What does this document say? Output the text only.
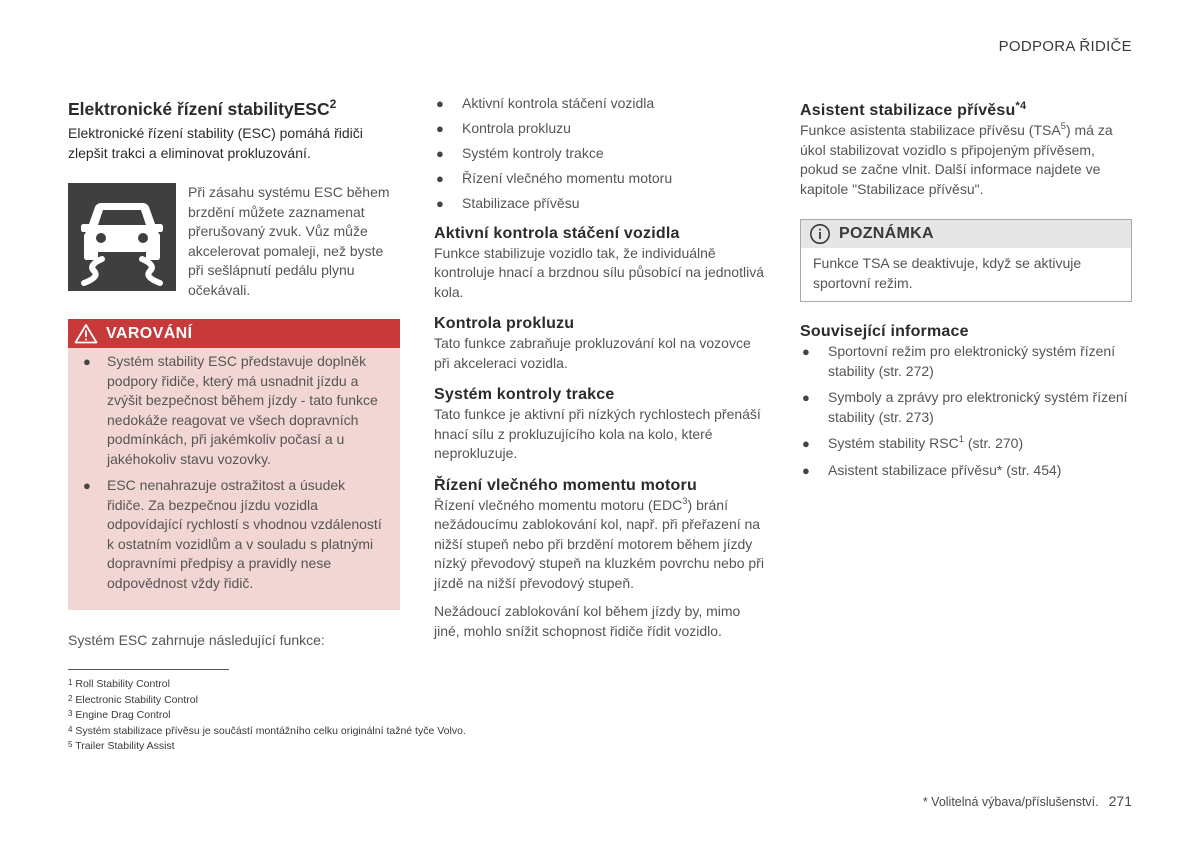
PODPORA ŘIDIČE
Elektronické řízení stabilityESC$^2$

Elektronické řízení stability (ESC) pomáhá řidiči zlepšit trakci a eliminovat prokluzování.

Při zásahu systému ESC během brzdění můžete zaznamenat přerušovaný zvuk. Vůz může akcelerovat pomaleji, než byste při sešlápnutí pedálu plynu očekávali.

VAROVÁNÍ
● Systém stability ESC představuje doplněk podpory řidiče, který má usnadnit jízdu a zvýšit bezpečnost během jízdy - tato funkce nedokáže reagovat ve všech dopravních podmínkách, při jakémkoliv počasí a u jakéhokoliv stavu vozovky.
● ESC nenahrazuje ostražitost a úsudek řidiče. Za bezpečnou jízdu vozidla odpovídající rychlostí s vhodnou vzdáleností k ostatním vozidlům a v souladu s platnými dopravními předpisy a pravidly nese odpovědnost vždy řidič.

Systém ESC zahrnuje následující funkce:

● Aktivní kontrola stáčení vozidla
● Kontrola prokluzu
● Systém kontroly trakce
● Řízení vlečného momentu motoru
● Stabilizace přívěsu
Aktivní kontrola stáčení vozidla

Funkce stabilizuje vozidlo tak, že individuálně kontroluje hnací a brzdnou sílu působící na jednotlivá kola.

Kontrola prokluzu

Tato funkce zabraňuje prokluzování kol na vozovce při akceleraci vozidla.

Systém kontroly trakce

Tato funkce je aktivní při nízkých rychlostech přenáší hnací sílu z prokluzujícího kola na kolo, které neprokluzuje.

Řízení vlečného momentu motoru

Řízení vlečného momentu motoru (EDC$^3$) brání nežádoucímu zablokování kol, např. při přeřazení na nižší stupeň nebo při brzdění motorem během jízdy nízký převodový stupeň na kluzkém povrchu nebo při jízdě na nižší převodový stupeň.

Nežádoucí zablokování kol během jízdy by, mimo jiné, mohlo snížit schopnost řidiče řídit vozidlo.

Asistent stabilizace přívěsu$^{*4}$

Funkce asistenta stabilizace přívěsu (TSA$^5$) má za úkol stabilizovat vozidlo s připojeným přívěsem, pokud se začne vlnit. Další informace najdete ve kapitole "Stabilizace přívěsu".

POZNÁMKA

Funkce TSA se deaktivuje, když se aktivuje sportovní režim.

Související informace
● Sportovní režim pro elektronický systém řízení stability (str. 272)
● Symboly a zprávy pro elektronický systém řízení stability (str. 273)
● Systém stability RSC$^1$ (str. 270)
● Asistent stabilizace přívěsu* (str. 454)
$^1$ Roll Stability Control
$^2$ Electronic Stability Control
$^3$ Engine Drag Control
$^4$ Systém stabilizace přívěsu je součástí montážního celku originální tažné tyče Volvo.
$^5$ Trailer Stability Assist
* Volitelná výbava/příslušenství. 271
